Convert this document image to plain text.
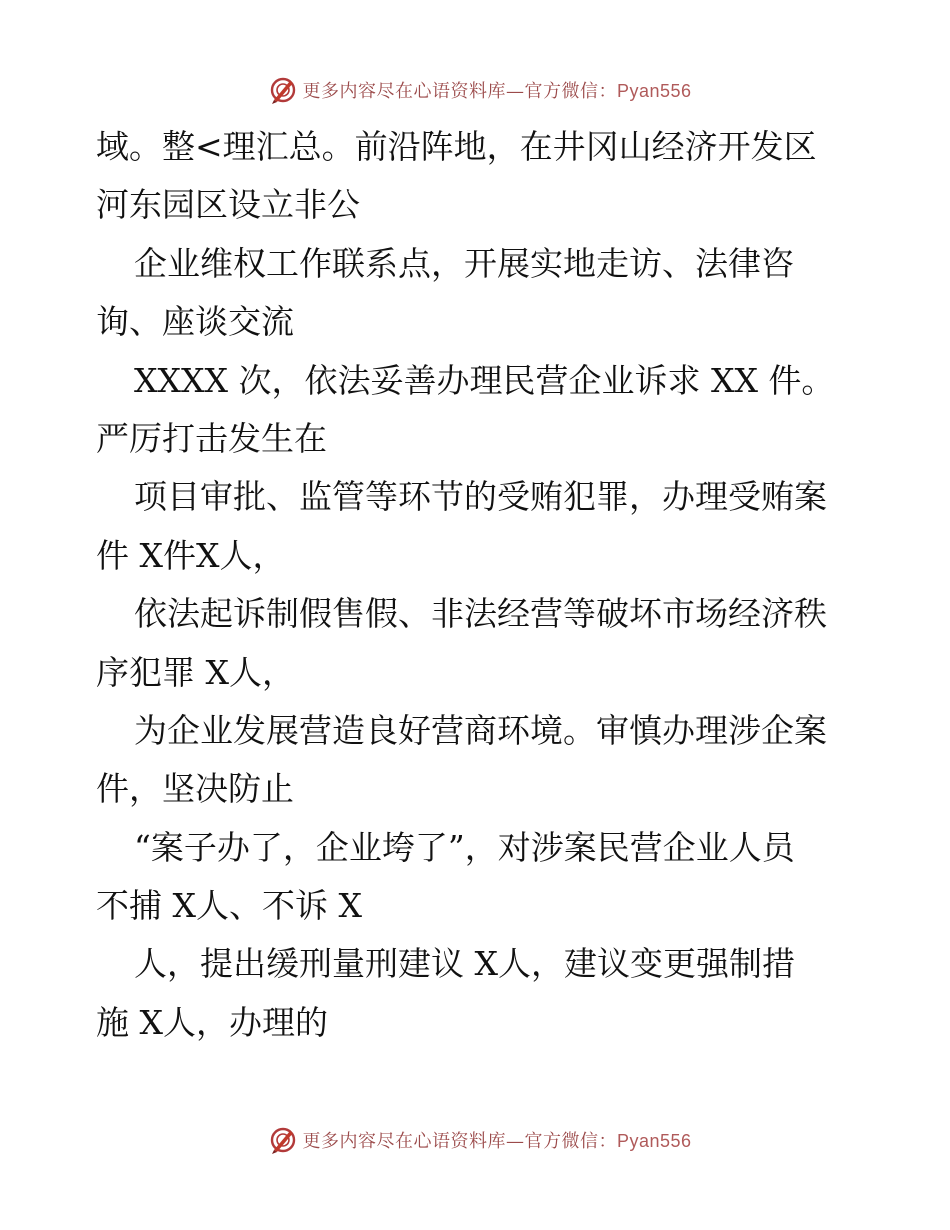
更多内容尽在心语资料库—官方微信：Pyan556
域。整<理汇总。前沿阵地，在井冈山经济开发区
河东园区设立非公
企业维权工作联系点，开展实地走访、法律咨
询、座谈交流
XXXX 次，依法妥善办理民营企业诉求 XX 件。
严厉打击发生在
项目审批、监管等环节的受贿犯罪，办理受贿案
件 X件X人，
依法起诉制假售假、非法经营等破坏市场经济秩
序犯罪 X人，
为企业发展营造良好营商环境。审慎办理涉企案
件，坚决防止
“案子办了，企业垮了”，对涉案民营企业人员
不捕 X人、不诉 X
人，提出缓刑量刑建议 X人，建议变更强制措
施 X人，办理的
更多内容尽在心语资料库—官方微信：Pyan556
